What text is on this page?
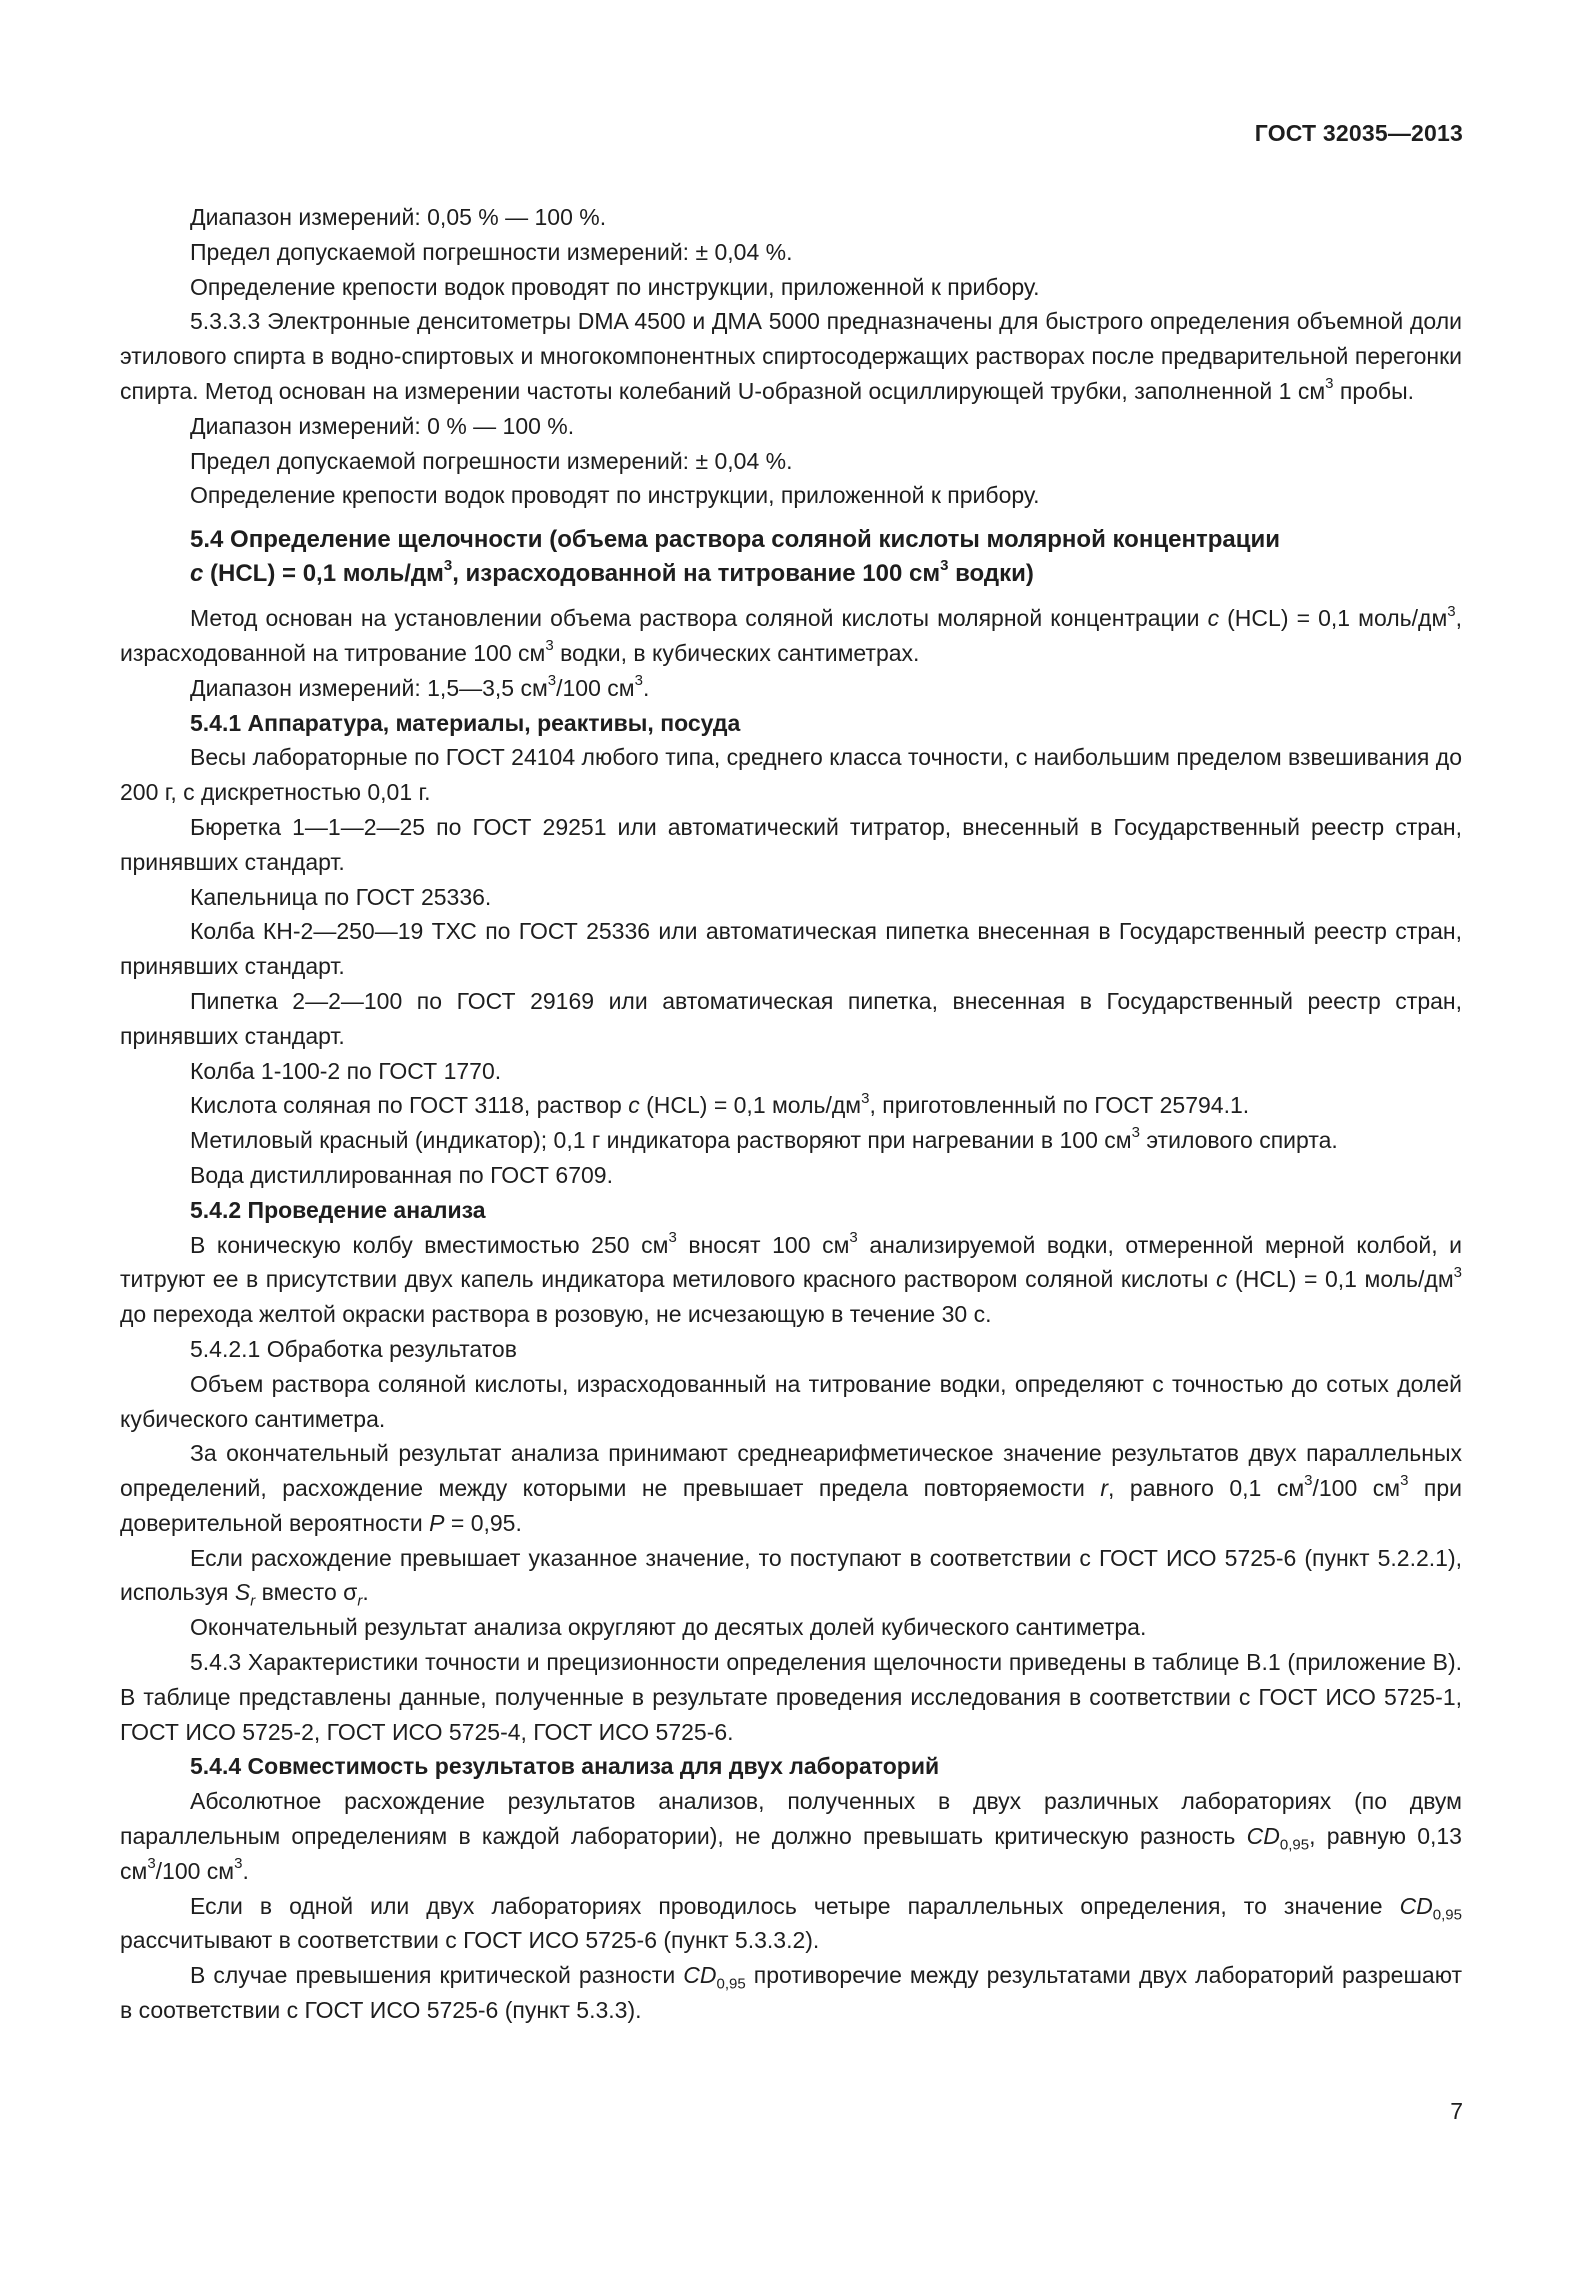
ГОСТ 32035—2013

Диапазон измерений: 0,05 % — 100 %.

Предел допускаемой погрешности измерений: ± 0,04 %.

Определение крепости водок проводят по инструкции, приложенной к прибору.

5.3.3.3 Электронные денситометры DMA 4500 и ДМА 5000 предназначены для быстрого определения объемной доли этилового спирта в водно-спиртовых и многокомпонентных спиртосодержащих растворах после предварительной перегонки спирта. Метод основан на измерении частоты колебаний U-образной осциллирующей трубки, заполненной 1 $см^3$ пробы.

Диапазон измерений: 0 % — 100 %.

Предел допускаемой погрешности измерений: ± 0,04 %.

Определение крепости водок проводят по инструкции, приложенной к прибору.

5.4 Определение щелочности (объема раствора соляной кислоты молярной концентрации
c (HCL) = 0,1 моль/$дм^3$, израсходованной на титрование 100 $см^3$ водки)

Метод основан на установлении объема раствора соляной кислоты молярной концентрации c (HCL) = 0,1 моль/$дм^3$, израсходованной на титрование 100 $см^3$ водки, в кубических сантиметрах.

Диапазон измерений: 1,5—3,5 $см^3/100$ $см^3$.

5.4.1 Аппаратура, материалы, реактивы, посуда

Весы лабораторные по ГОСТ 24104 любого типа, среднего класса точности, с наибольшим пределом взвешивания до 200 г, с дискретностью 0,01 г.

Бюретка 1—1—2—25 по ГОСТ 29251 или автоматический титратор, внесенный в Государственный реестр стран, принявших стандарт.

Капельница по ГОСТ 25336.

Колба КН-2—250—19 ТХС по ГОСТ 25336 или автоматическая пипетка внесенная в Государственный реестр стран, принявших стандарт.

Пипетка 2—2—100 по ГОСТ 29169 или автоматическая пипетка, внесенная в Государственный реестр стран, принявших стандарт.

Колба 1-100-2 по ГОСТ 1770.

Кислота соляная по ГОСТ 3118, раствор c (HCL) = 0,1 моль/$дм^3$, приготовленный по ГОСТ 25794.1.

Метиловый красный (индикатор); 0,1 г индикатора растворяют при нагревании в 100 $см^3$ этилового спирта.

Вода дистиллированная по ГОСТ 6709.

5.4.2 Проведение анализа

В коническую колбу вместимостью 250 $см^3$ вносят 100 $см^3$ анализируемой водки, отмеренной мерной колбой, и титруют ее в присутствии двух капель индикатора метилового красного раствором соляной кислоты c (HCL) = 0,1 моль/$дм^3$ до перехода желтой окраски раствора в розовую, не исчезающую в течение 30 с.

5.4.2.1 Обработка результатов

Объем раствора соляной кислоты, израсходованный на титрование водки, определяют с точностью до сотых долей кубического сантиметра.

За окончательный результат анализа принимают среднеарифметическое значение результатов двух параллельных определений, расхождение между которыми не превышает предела повторяемости r, равного 0,1 $см^3/100$ $см^3$ при доверительной вероятности P = 0,95.

Если расхождение превышает указанное значение, то поступают в соответствии с ГОСТ ИСО 5725-6 (пункт 5.2.2.1), используя $S_r$ вместо $\sigma_r$.

Окончательный результат анализа округляют до десятых долей кубического сантиметра.

5.4.3 Характеристики точности и прецизионности определения щелочности приведены в таблице В.1 (приложение В). В таблице представлены данные, полученные в результате проведения исследования в соответствии с ГОСТ ИСО 5725-1, ГОСТ ИСО 5725-2, ГОСТ ИСО 5725-4, ГОСТ ИСО 5725-6.

5.4.4 Совместимость результатов анализа для двух лабораторий

Абсолютное расхождение результатов анализов, полученных в двух различных лабораториях (по двум параллельным определениям в каждой лаборатории), не должно превышать критическую разность $CD_{0,95}$, равную 0,13 $см^3/100$ $см^3$.

Если в одной или двух лабораториях проводилось четыре параллельных определения, то значение $CD_{0,95}$ рассчитывают в соответствии с ГОСТ ИСО 5725-6 (пункт 5.3.3.2).

В случае превышения критической разности $CD_{0,95}$ противоречие между результатами двух лабораторий разрешают в соответствии с ГОСТ ИСО 5725-6 (пункт 5.3.3).

7
